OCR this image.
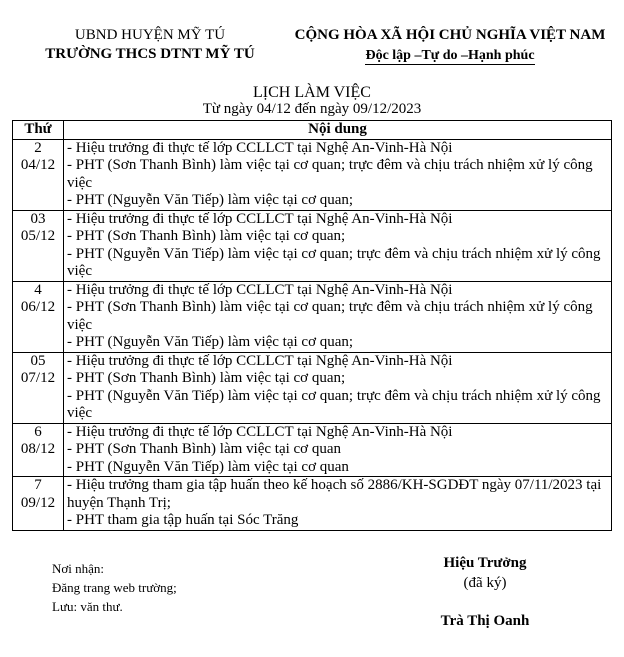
UBND HUYỆN MỸ TÚ
TRƯỜNG THCS DTNT MỸ TÚ
CỘNG HÒA XÃ HỘI CHỦ NGHĨA VIỆT NAM
Độc lập –Tự do –Hạnh phúc
LỊCH LÀM VIỆC
Từ ngày 04/12 đến ngày 09/12/2023
Thứ	Nội dung

2
04/12	- Hiệu trưởng đi thực tế lớp CCLLCT tại Nghệ An-Vinh-Hà Nội
- PHT (Sơn Thanh Bình) làm việc tại cơ quan; trực đêm và chịu trách nhiệm xử lý công việc
- PHT (Nguyễn Văn Tiếp) làm việc tại cơ quan;

03
05/12	- Hiệu trưởng đi thực tế lớp CCLLCT tại Nghệ An-Vinh-Hà Nội
- PHT (Sơn Thanh Bình) làm việc tại cơ quan;
- PHT (Nguyễn Văn Tiếp) làm việc tại cơ quan; trực đêm và chịu trách nhiệm xử lý công việc

4
06/12	- Hiệu trưởng đi thực tế lớp CCLLCT tại Nghệ An-Vinh-Hà Nội
- PHT (Sơn Thanh Bình) làm việc tại cơ quan; trực đêm và chịu trách nhiệm xử lý công việc
- PHT (Nguyễn Văn Tiếp) làm việc tại cơ quan;

05
07/12	- Hiệu trưởng đi thực tế lớp CCLLCT tại Nghệ An-Vinh-Hà Nội
- PHT (Sơn Thanh Bình) làm việc tại cơ quan;
- PHT (Nguyễn Văn Tiếp) làm việc tại cơ quan; trực đêm và chịu trách nhiệm xử lý công việc

6
08/12	- Hiệu trưởng đi thực tế lớp CCLLCT tại Nghệ An-Vinh-Hà Nội
- PHT (Sơn Thanh Bình) làm việc tại cơ quan
- PHT (Nguyễn Văn Tiếp) làm việc tại cơ quan

7
09/12	- Hiệu trưởng tham gia tập huấn theo kế hoạch số 2886/KH-SGDĐT ngày 07/11/2023 tại huyện Thạnh Trị;
- PHT tham gia tập huấn tại Sóc Trăng
Nơi nhận:
Đăng trang web trường;
Lưu: văn thư.
Hiệu Trưởng
(đã ký)
Trà Thị Oanh
